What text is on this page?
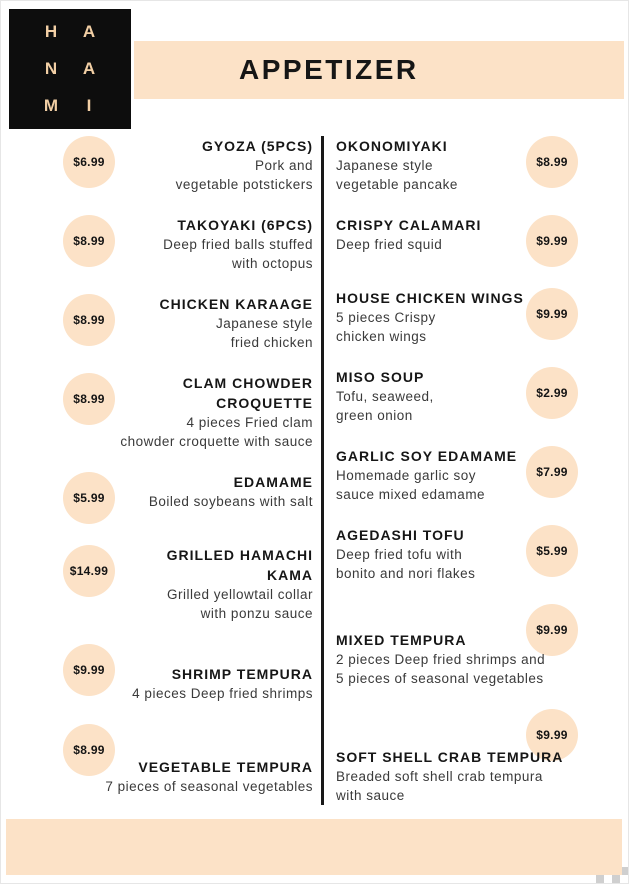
H A
N A
M	I
APPETIZER
$6.99
GYOZA (5PCS)
Pork and
vegetable potstickers
$8.99
TAKOYAKI (6PCS)
Deep fried balls stuffed
with octopus
$8.99
CHICKEN KARAAGE
Japanese style
fried chicken
$8.99
CLAM CHOWDER
CROQUETTE
4 pieces Fried clam
chowder croquette with sauce
$5.99
EDAMAME
Boiled soybeans with salt
$14.99
GRILLED HAMACHI
KAMA
Grilled yellowtail collar
with ponzu sauce
$9.99	SHRIMP TEMPURA
4 pieces Deep fried shrimps
$8.99
VEGETABLE TEMPURA
7 pieces of seasonal vegetables
$8.99
OKONOMIYAKI
Japanese style
vegetable pancake
$9.99
CRISPY CALAMARI
Deep fried squid
$9.99
HOUSE CHICKEN WINGS
5 pieces Crispy
chicken wings
$2.99
MISO SOUP
Tofu, seaweed,
green onion
$7.99
GARLIC SOY EDAMAME
Homemade garlic soy
sauce mixed edamame
$5.99
AGEDASHI TOFU
Deep fried tofu with
bonito and nori flakes
$9.99
MIXED TEMPURA
2 pieces Deep fried shrimps and
5 pieces of seasonal vegetables
$9.99
SOFT SHELL CRAB TEMPURA
Breaded soft shell crab tempura
with sauce
